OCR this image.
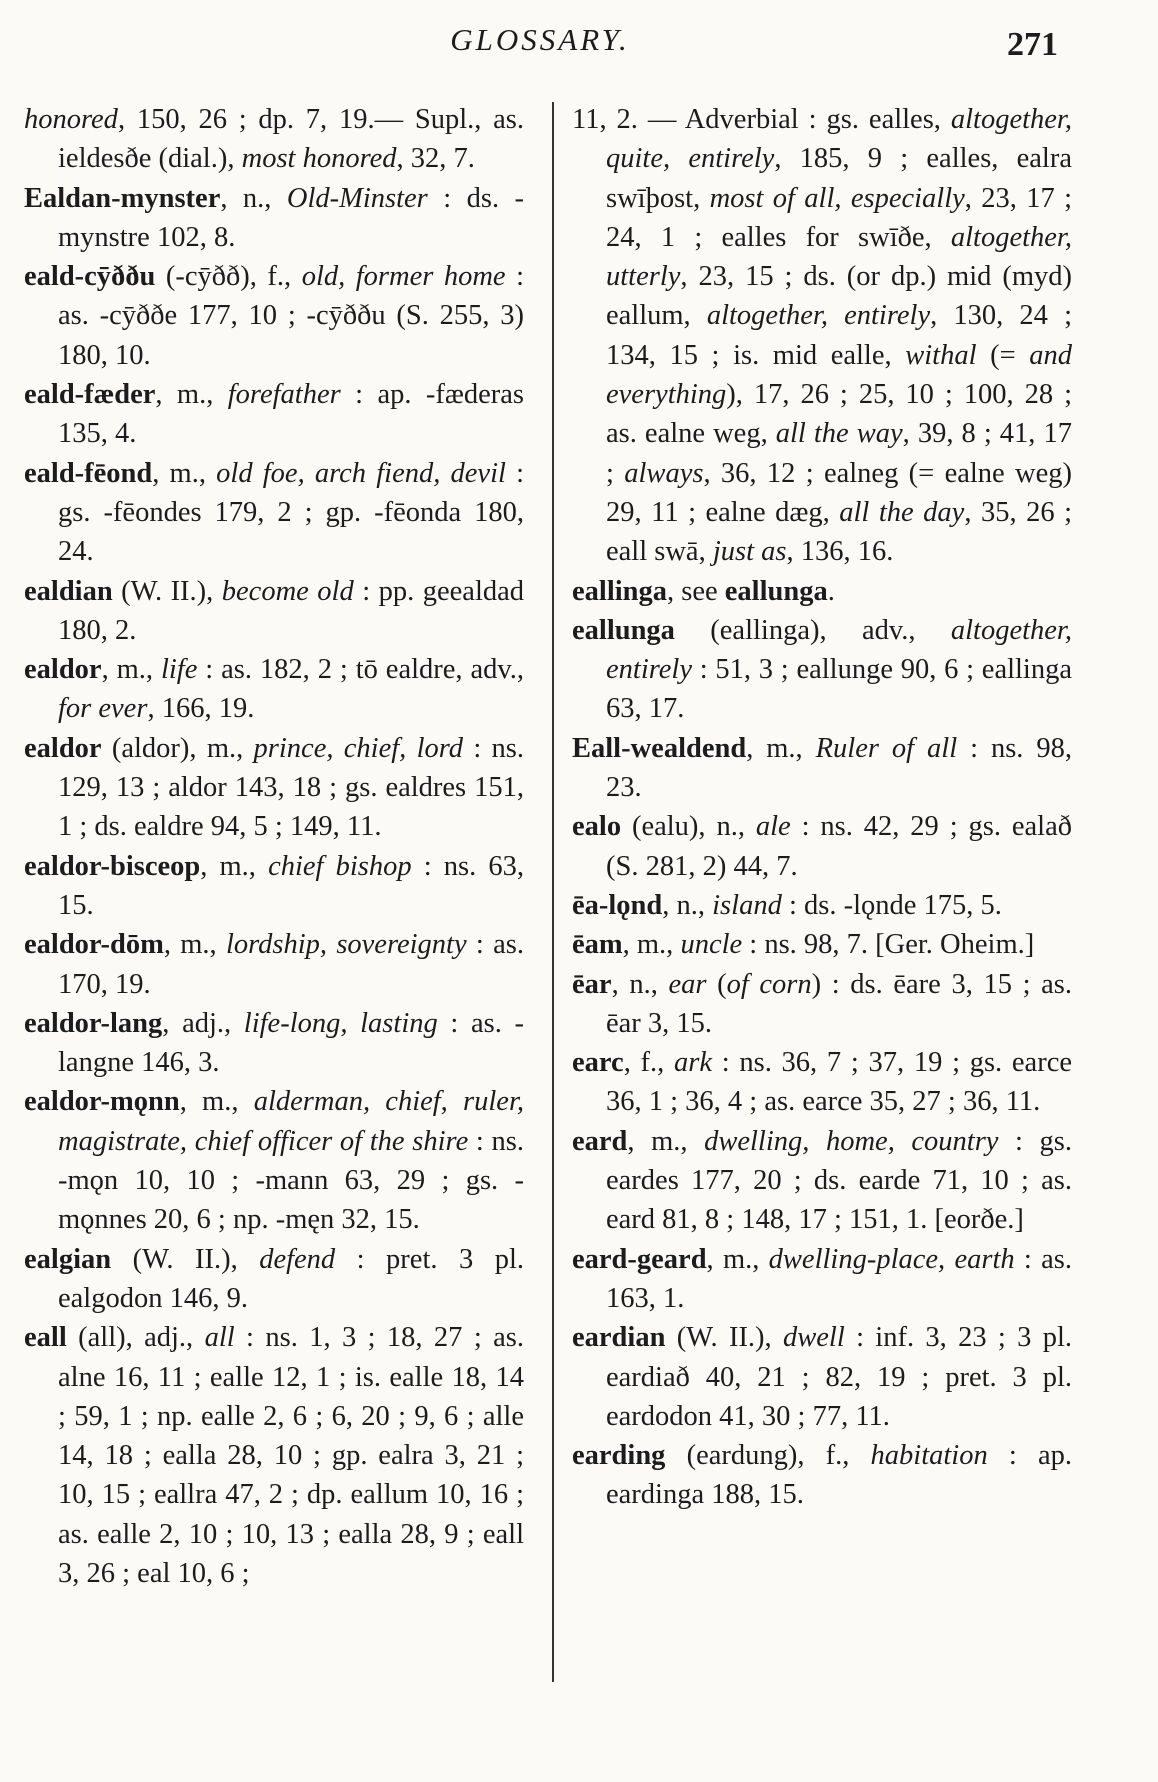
GLOSSARY.	271
honored, 150, 26 ; dp. 7, 19.— Supl., as. ieldesðe (dial.), most honored, 32, 7.
Ealdan-mynster, n., Old-Minster : ds. -mynstre 102, 8.
eald-cȳððu (-cȳðð), f., old, former home : as. -cȳððe 177, 10 ; -cȳððu (S. 255, 3) 180, 10.
eald-fæder, m., forefather : ap. -fæderas 135, 4.
eald-fēond, m., old foe, arch fiend, devil : gs. -fēondes 179, 2 ; gp. -fēonda 180, 24.
ealdian (W. II.), become old : pp. geealdad 180, 2.
ealdor, m., life : as. 182, 2 ; tō ealdre, adv., for ever, 166, 19.
ealdor (aldor), m., prince, chief, lord : ns. 129, 13 ; aldor 143, 18 ; gs. ealdres 151, 1 ; ds. ealdre 94, 5 ; 149, 11.
ealdor-bisceop, m., chief bishop : ns. 63, 15.
ealdor-dōm, m., lordship, sovereignty : as. 170, 19.
ealdor-lang, adj., life-long, lasting : as. -langne 146, 3.
ealdor-mǫnn, m., alderman, chief, ruler, magistrate, chief officer of the shire : ns. -mǫn 10, 10 ; -mann 63, 29 ; gs. -mǫnnes 20, 6 ; np. -męn 32, 15.
ealgian (W. II.), defend : pret. 3 pl. ealgodon 146, 9.
eall (all), adj., all : ns. 1, 3 ; 18, 27 ; as. alne 16, 11 ; ealle 12, 1 ; is. ealle 18, 14 ; 59, 1 ; np. ealle 2, 6 ; 6, 20 ; 9, 6 ; alle 14, 18 ; ealla 28, 10 ; gp. ealra 3, 21 ; 10, 15 ; eallra 47, 2 ; dp. eallum 10, 16 ; as. ealle 2, 10 ; 10, 13 ; ealla 28, 9 ; eall 3, 26 ; eal 10, 6 ;
11, 2. — Adverbial : gs. ealles, altogether, quite, entirely, 185, 9 ; ealles, ealra swīþost, most of all, especially, 23, 17 ; 24, 1 ; ealles for swīðe, altogether, utterly, 23, 15 ; ds. (or dp.) mid (myd) eallum, altogether, entirely, 130, 24 ; 134, 15 ; is. mid ealle, withal (= and everything), 17, 26 ; 25, 10 ; 100, 28 ; as. ealne weg, all the way, 39, 8 ; 41, 17 ; always, 36, 12 ; ealneg (= ealne weg) 29, 11 ; ealne dæg, all the day, 35, 26 ; eall swā, just as, 136, 16.
eallinga, see eallunga.
eallunga (eallinga), adv., altogether, entirely : 51, 3 ; eallunge 90, 6 ; eallinga 63, 17.
Eall-wealdend, m., Ruler of all : ns. 98, 23.
ealo (ealu), n., ale : ns. 42, 29 ; gs. ealað (S. 281, 2) 44, 7.
ēa-lǫnd, n., island : ds. -lǫnde 175, 5.
ēam, m., uncle : ns. 98, 7. [Ger. Oheim.]
ēar, n., ear (of corn) : ds. ēare 3, 15 ; as. ēar 3, 15.
earc, f., ark : ns. 36, 7 ; 37, 19 ; gs. earce 36, 1 ; 36, 4 ; as. earce 35, 27 ; 36, 11.
eard, m., dwelling, home, country : gs. eardes 177, 20 ; ds. earde 71, 10 ; as. eard 81, 8 ; 148, 17 ; 151, 1. [eorðe.]
eard-geard, m., dwelling-place, earth : as. 163, 1.
eardian (W. II.), dwell : inf. 3, 23 ; 3 pl. eardiað 40, 21 ; 82, 19 ; pret. 3 pl. eardodon 41, 30 ; 77, 11.
earding (eardung), f., habitation : ap. eardinga 188, 15.
